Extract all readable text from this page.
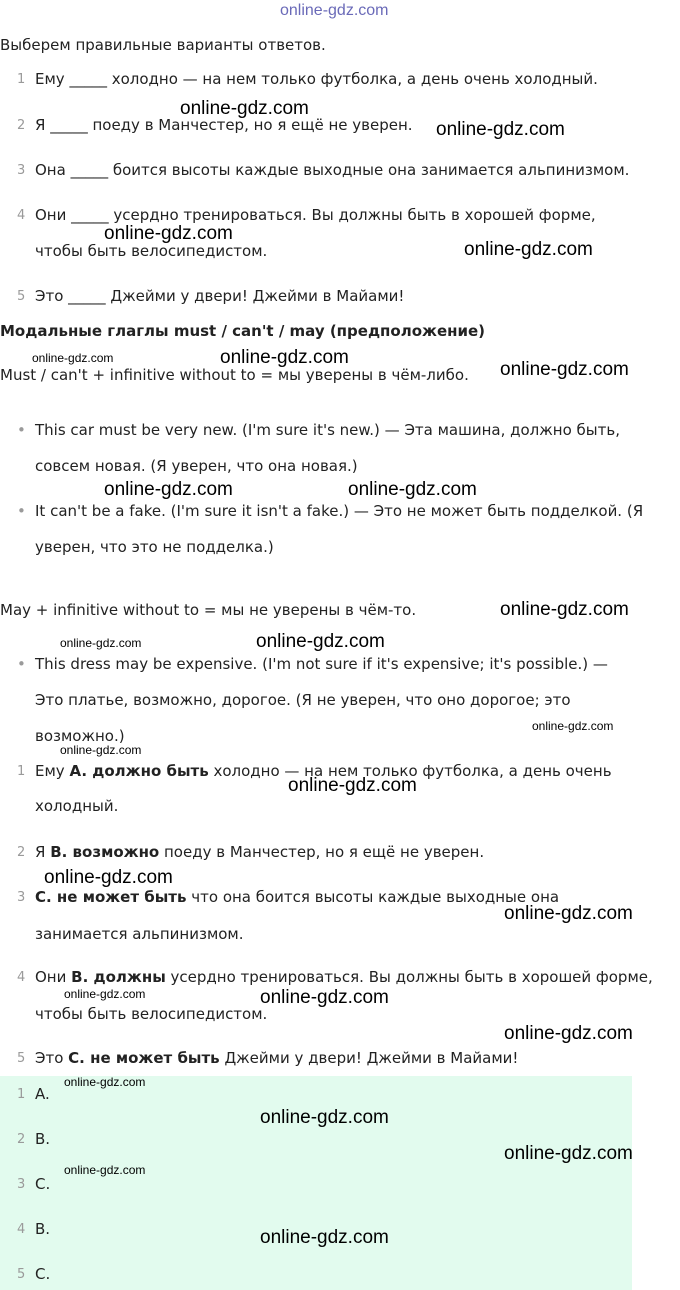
online-gdz.com
Выберем правильные варианты ответов.
1 Ему _____ холодно — на нем только футболка, а день очень холодный.
2 Я _____ поеду в Манчестер, но я ещё не уверен.
3 Она _____ боится высоты каждые выходные она занимается альпинизмом.
4 Они _____ усердно тренироваться. Вы должны быть в хорошей форме,
чтобы быть велосипедистом.
5 Это _____ Джейми у двери! Джейми в Майами!
Модальные глаглы must / can't / may (предположение)
Must / can't + infinitive without to = мы уверены в чём-либо.
• This car must be very new. (I'm sure it's new.) — Эта машина, должно быть,
совсем новая. (Я уверен, что она новая.)
• It can't be a fake. (I'm sure it isn't a fake.) — Это не может быть подделкой. (Я
уверен, что это не подделка.)
May + infinitive without to = мы не уверены в чём-то.
• This dress may be expensive. (I'm not sure if it's expensive; it's possible.) —
Это платье, возможно, дорогое. (Я не уверен, что оно дорогое; это
возможно.)
1 Ему A. должно быть холодно — на нем только футболка, а день очень
холодный.
2 Я B. возможно поеду в Манчестер, но я ещё не уверен.
3 C. не может быть что она боится высоты каждые выходные она
занимается альпинизмом.
4 Они B. должны усердно тренироваться. Вы должны быть в хорошей форме,
чтобы быть велосипедистом.
5 Это C. не может быть Джейми у двери! Джейми в Майами!
1 A.
2 B.
3 C.
4 B.
5 C.
online-gdz.com
online-gdz.com
online-gdz.com
online-gdz.com
online-gdz.com	online-gdz.com
online-gdz.com
online-gdz.com	online-gdz.com
online-gdz.com
online-gdz.com	online-gdz.com
online-gdz.com
online-gdz.com
online-gdz.com
online-gdz.com
online-gdz.com
online-gdz.com	online-gdz.com
online-gdz.com
online-gdz.com
online-gdz.com
online-gdz.com
online-gdz.com
online-gdz.com
